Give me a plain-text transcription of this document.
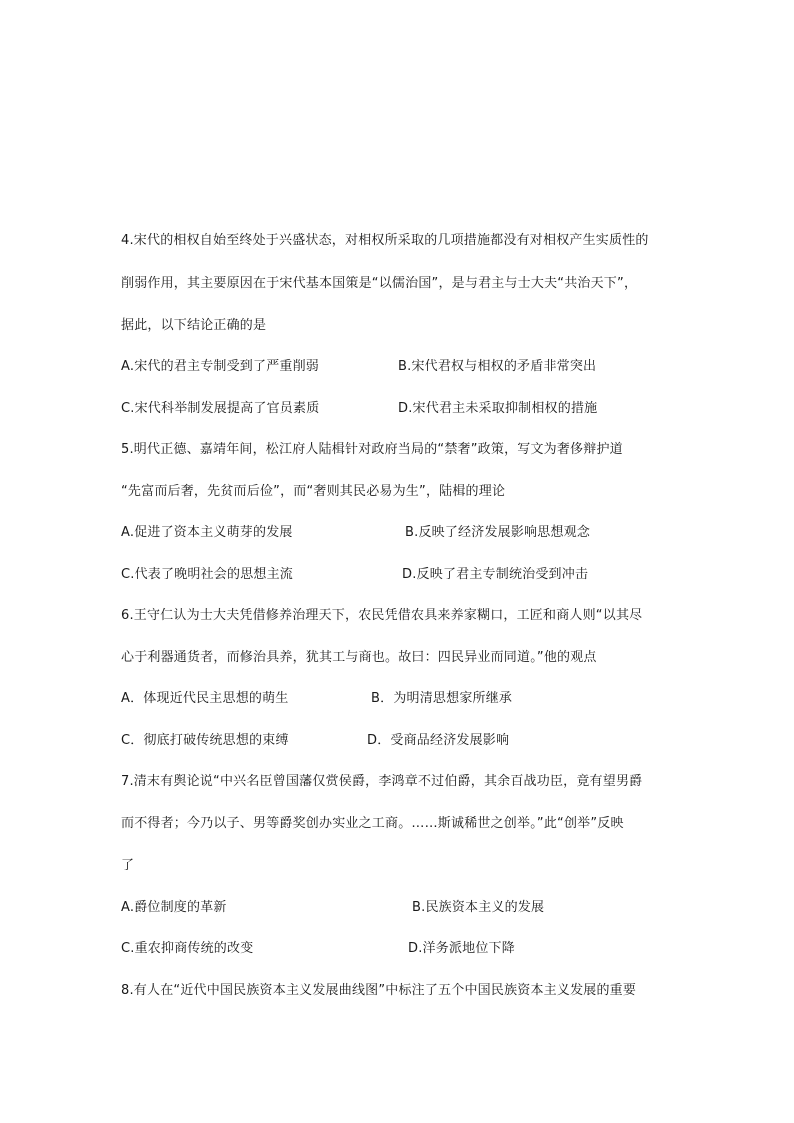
4.宋代的相权自始至终处于兴盛状态，对相权所采取的几项措施都没有对相权产生实质性的
削弱作用，其主要原因在于宋代基本国策是“以儒治国”，是与君主与士大夫“共治天下”，
据此，以下结论正确的是
A.宋代的君主专制受到了严重削弱	B.宋代君权与相权的矛盾非常突出
C.宋代科举制发展提高了官员素质	D.宋代君主未采取抑制相权的措施
5.明代正德、嘉靖年间，松江府人陆楫针对政府当局的“禁奢”政策，写文为奢侈辩护道
“先富而后奢，先贫而后俭”，而“奢则其民必易为生”，陆楫的理论
A.促进了资本主义萌芽的发展	B.反映了经济发展影响思想观念
C.代表了晚明社会的思想主流	D.反映了君主专制统治受到冲击
6.王守仁认为士大夫凭借修养治理天下，农民凭借农具来养家糊口，工匠和商人则“以其尽
心于利器通货者，而修治具养，犹其工与商也。故曰：四民异业而同道。”他的观点
A．体现近代民主思想的萌生	B．为明清思想家所继承
C．彻底打破传统思想的束缚	D．受商品经济发展影响
7.清末有舆论说“中兴名臣曾国藩仅赏侯爵，李鸿章不过伯爵，其余百战功臣，竟有望男爵
而不得者；今乃以子、男等爵奖创办实业之工商。……斯诚稀世之创举。”此“创举”反映
了
A.爵位制度的革新	B.民族资本主义的发展
C.重农抑商传统的改变	D.洋务派地位下降
8.有人在“近代中国民族资本主义发展曲线图”中标注了五个中国民族资本主义发展的重要
